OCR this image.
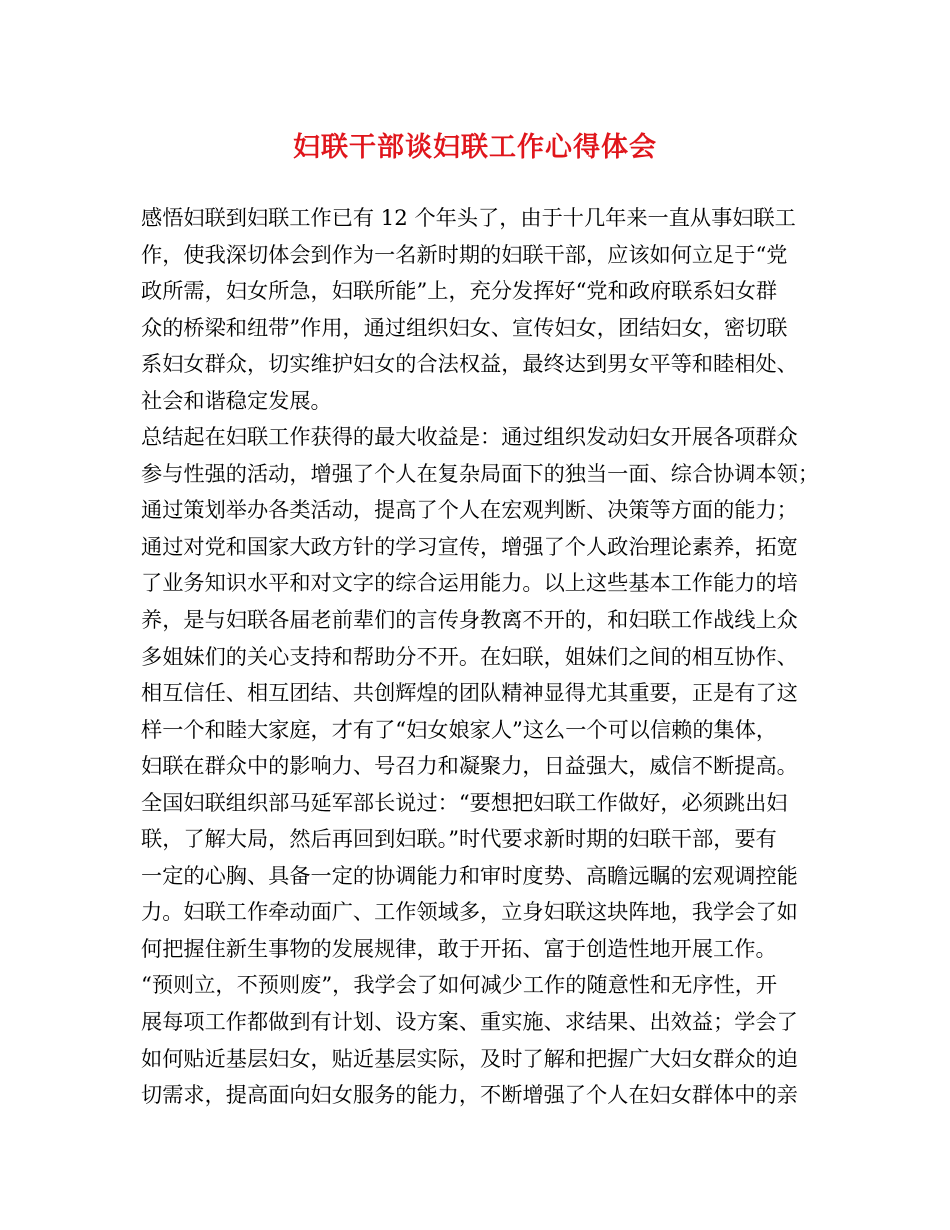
妇联干部谈妇联工作心得体会
感悟妇联到妇联工作已有 12 个年头了，由于十几年来一直从事妇联工
作，使我深切体会到作为一名新时期的妇联干部，应该如何立足于“党
政所需，妇女所急，妇联所能”上，充分发挥好“党和政府联系妇女群
众的桥梁和纽带”作用，通过组织妇女、宣传妇女，团结妇女，密切联
系妇女群众，切实维护妇女的合法权益，最终达到男女平等和睦相处、
社会和谐稳定发展。
总结起在妇联工作获得的最大收益是：通过组织发动妇女开展各项群众
参与性强的活动，增强了个人在复杂局面下的独当一面、综合协调本领；
通过策划举办各类活动，提高了个人在宏观判断、决策等方面的能力；
通过对党和国家大政方针的学习宣传，增强了个人政治理论素养，拓宽
了业务知识水平和对文字的综合运用能力。以上这些基本工作能力的培
养，是与妇联各届老前辈们的言传身教离不开的，和妇联工作战线上众
多姐妹们的关心支持和帮助分不开。在妇联，姐妹们之间的相互协作、
相互信任、相互团结、共创辉煌的团队精神显得尤其重要，正是有了这
样一个和睦大家庭，才有了“妇女娘家人”这么一个可以信赖的集体，
妇联在群众中的影响力、号召力和凝聚力，日益强大，威信不断提高。
全国妇联组织部马延军部长说过：“要想把妇联工作做好，必须跳出妇
联，了解大局，然后再回到妇联。”时代要求新时期的妇联干部，要有
一定的心胸、具备一定的协调能力和审时度势、高瞻远瞩的宏观调控能
力。妇联工作牵动面广、工作领域多，立身妇联这块阵地，我学会了如
何把握住新生事物的发展规律，敢于开拓、富于创造性地开展工作。
“预则立，不预则废”，我学会了如何减少工作的随意性和无序性，开
展每项工作都做到有计划、设方案、重实施、求结果、出效益；学会了
如何贴近基层妇女，贴近基层实际，及时了解和把握广大妇女群众的迫
切需求，提高面向妇女服务的能力，不断增强了个人在妇女群体中的亲
